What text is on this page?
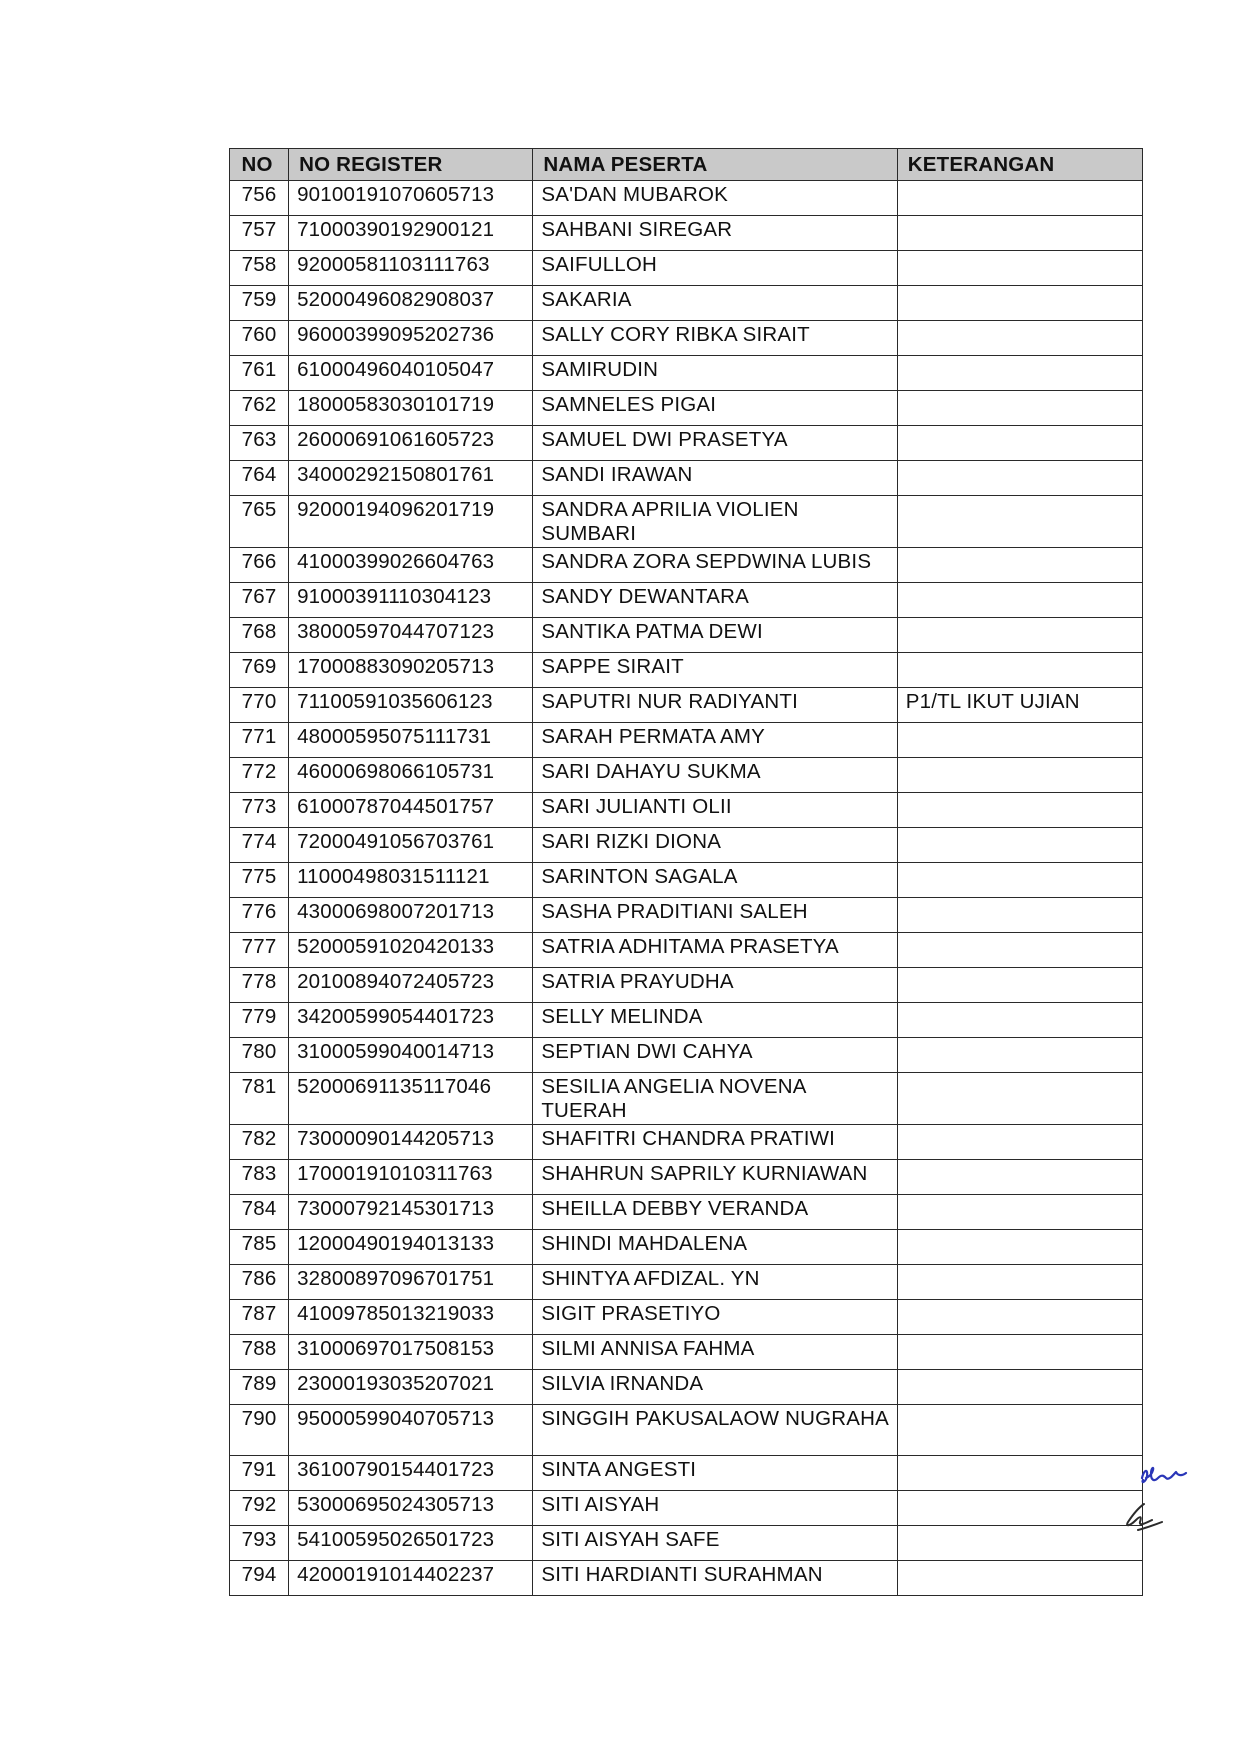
NO	NO REGISTER	NAMA PESERTA	KETERANGAN
756	90100191070605713	SA'DAN MUBAROK	
757	71000390192900121	SAHBANI SIREGAR	
758	92000581103111763	SAIFULLOH	
759	52000496082908037	SAKARIA	
760	96000399095202736	SALLY CORY RIBKA SIRAIT	
761	61000496040105047	SAMIRUDIN	
762	18000583030101719	SAMNELES PIGAI	
763	26000691061605723	SAMUEL DWI PRASETYA	
764	34000292150801761	SANDI IRAWAN	
765	92000194096201719	SANDRA APRILIA VIOLIEN SUMBARI	
766	41000399026604763	SANDRA ZORA SEPDWINA LUBIS	
767	91000391110304123	SANDY DEWANTARA	
768	38000597044707123	SANTIKA PATMA DEWI	
769	17000883090205713	SAPPE SIRAIT	
770	71100591035606123	SAPUTRI NUR RADIYANTI	P1/TL IKUT UJIAN
771	48000595075111731	SARAH PERMATA AMY	
772	46000698066105731	SARI DAHAYU SUKMA	
773	61000787044501757	SARI JULIANTI OLII	
774	72000491056703761	SARI RIZKI DIONA	
775	11000498031511121	SARINTON SAGALA	
776	43000698007201713	SASHA PRADITIANI SALEH	
777	52000591020420133	SATRIA ADHITAMA PRASETYA	
778	20100894072405723	SATRIA PRAYUDHA	
779	34200599054401723	SELLY MELINDA	
780	31000599040014713	SEPTIAN DWI CAHYA	
781	52000691135117046	SESILIA ANGELIA NOVENA TUERAH	
782	73000090144205713	SHAFITRI CHANDRA PRATIWI	
783	17000191010311763	SHAHRUN SAPRILY KURNIAWAN	
784	73000792145301713	SHEILLA DEBBY VERANDA	
785	12000490194013133	SHINDI MAHDALENA	
786	32800897096701751	SHINTYA AFDIZAL. YN	
787	41009785013219033	SIGIT PRASETIYO	
788	31000697017508153	SILMI ANNISA FAHMA	
789	23000193035207021	SILVIA IRNANDA	
790	95000599040705713	SINGGIH PAKUSALAOW NUGRAHA	
791	36100790154401723	SINTA ANGESTI	
792	53000695024305713	SITI AISYAH	
793	54100595026501723	SITI AISYAH SAFE	
794	42000191014402237	SITI HARDIANTI SURAHMAN	
